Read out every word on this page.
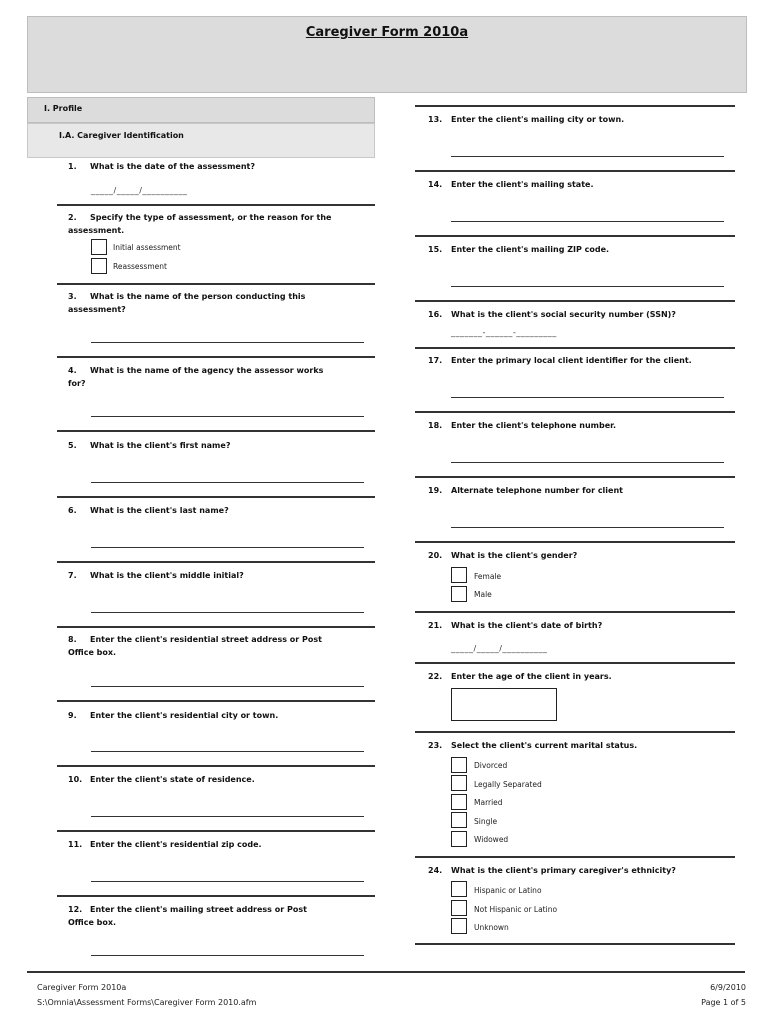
Caregiver Form 2010a
I. Profile
I.A. Caregiver Identification
1. What is the date of the assessment?
_____/_____/__________
2. Specify the type of assessment, or the reason for the
assessment.
Initial assessment
Reassessment
3. What is the name of the person conducting this
assessment?
4. What is the name of the agency the assessor works
for?
5. What is the client's first name?
6. What is the client's last name?
7. What is the client's middle initial?
8. Enter the client's residential street address or Post
Office box.
9. Enter the client's residential city or town.
10. Enter the client's state of residence.
11. Enter the client's residential zip code.
12. Enter the client's mailing street address or Post
Office box.
13. Enter the client's mailing city or town.
14. Enter the client's mailing state.
15. Enter the client's mailing ZIP code.
16. What is the client's social security number (SSN)?
_______-______-_________
17. Enter the primary local client identifier for the client.
18. Enter the client's telephone number.
19. Alternate telephone number for client
20. What is the client's gender?
Female
Male
21. What is the client's date of birth?
_____/_____/__________
22. Enter the age of the client in years.
23. Select the client's current marital status.
Divorced
Legally Separated
Married
Single
Widowed
24. What is the client's primary caregiver's ethnicity?
Hispanic or Latino
Not Hispanic or Latino
Unknown
Caregiver Form 2010a
S:\Omnia\Assessment Forms\Caregiver Form 2010.afm
6/9/2010
Page 1 of 5
